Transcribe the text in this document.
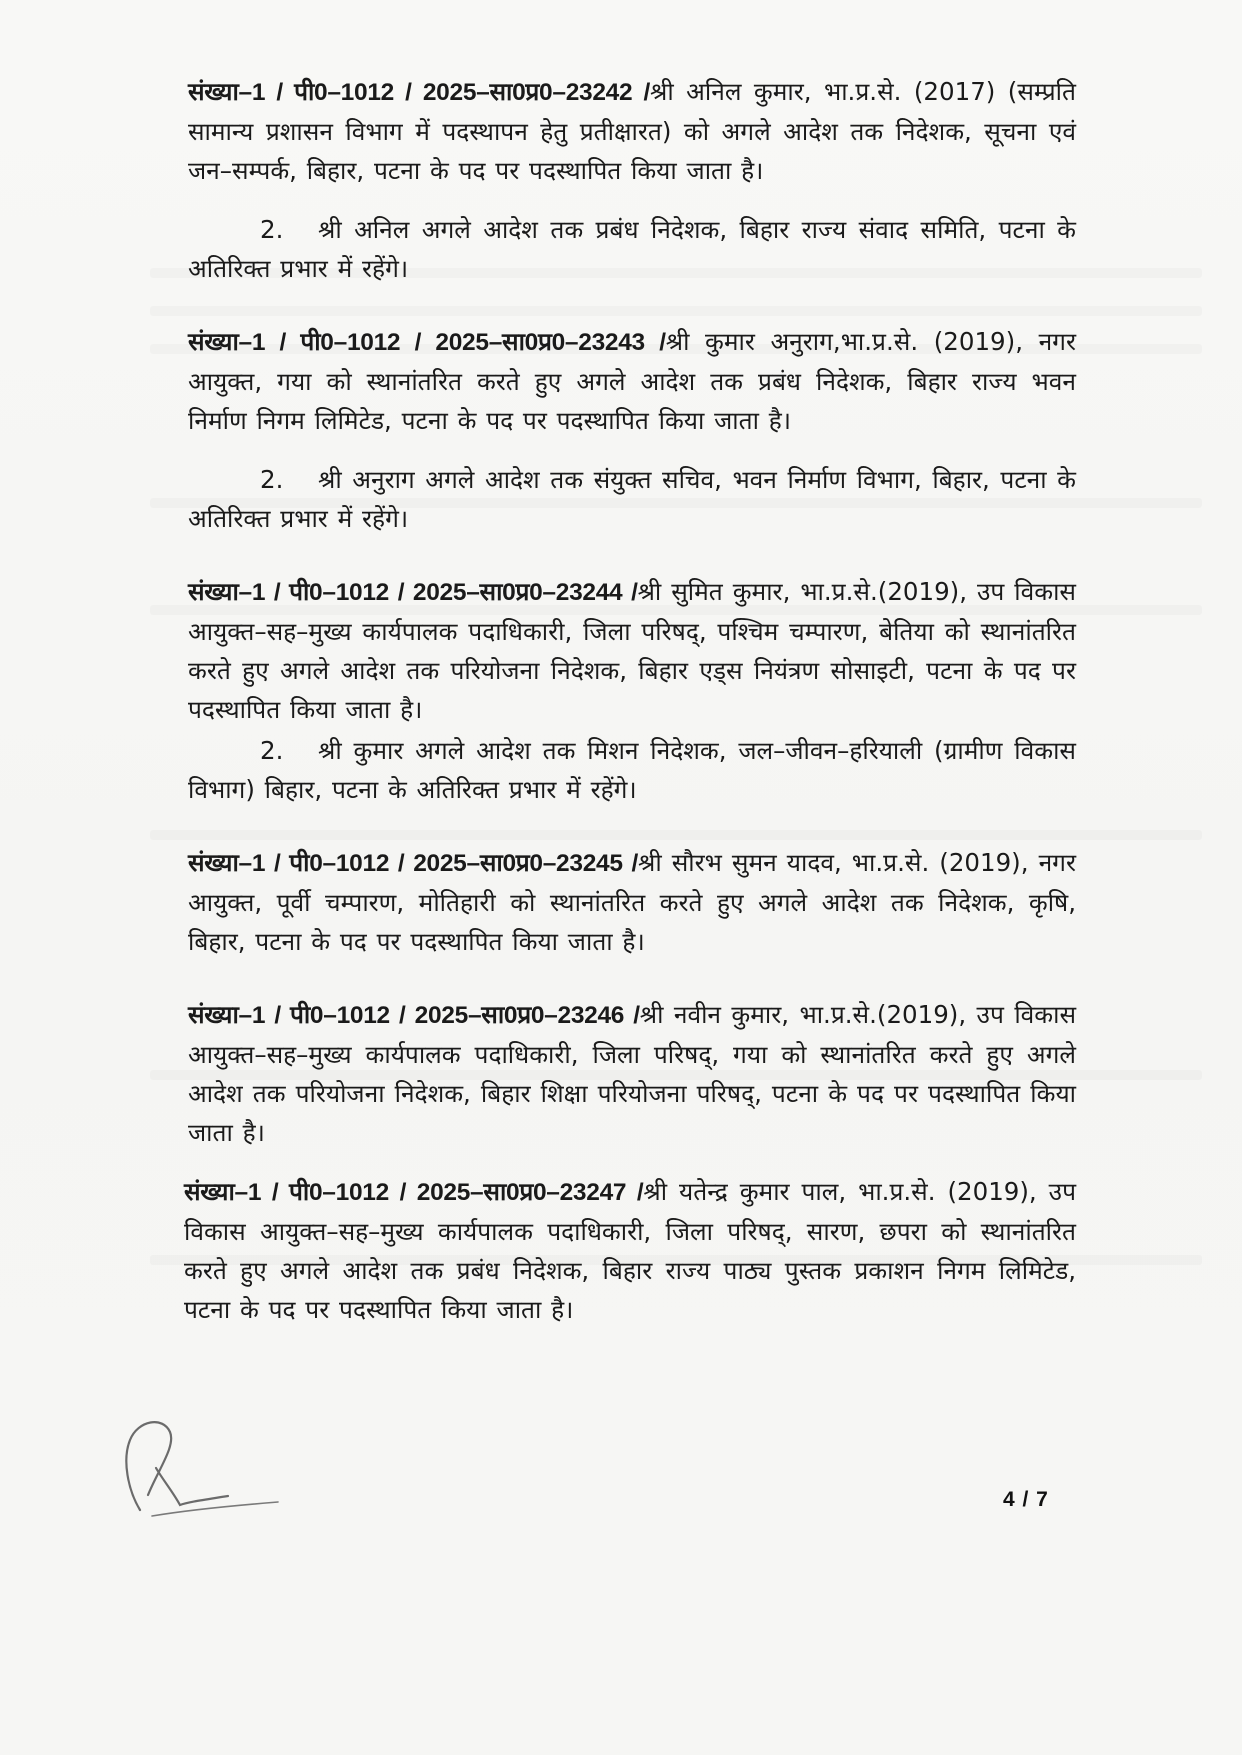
संख्या–1 / पी0–1012 / 2025–सा0प्र0–23242 /श्री अनिल कुमार, भा.प्र.से. (2017) (सम्प्रति सामान्य प्रशासन विभाग में पदस्थापन हेतु प्रतीक्षारत) को अगले आदेश तक निदेशक, सूचना एवं जन–सम्पर्क, बिहार, पटना के पद पर पदस्थापित किया जाता है।

2. श्री अनिल अगले आदेश तक प्रबंध निदेशक, बिहार राज्य संवाद समिति, पटना के अतिरिक्त प्रभार में रहेंगे।

संख्या–1 / पी0–1012 / 2025–सा0प्र0–23243 /श्री कुमार अनुराग,भा.प्र.से. (2019), नगर आयुक्त, गया को स्थानांतरित करते हुए अगले आदेश तक प्रबंध निदेशक, बिहार राज्य भवन निर्माण निगम लिमिटेड, पटना के पद पर पदस्थापित किया जाता है।

2. श्री अनुराग अगले आदेश तक संयुक्त सचिव, भवन निर्माण विभाग, बिहार, पटना के अतिरिक्त प्रभार में रहेंगे।

संख्या–1 / पी0–1012 / 2025–सा0प्र0–23244 /श्री सुमित कुमार, भा.प्र.से.(2019), उप विकास आयुक्त–सह–मुख्य कार्यपालक पदाधिकारी, जिला परिषद्, पश्चिम चम्पारण, बेतिया को स्थानांतरित करते हुए अगले आदेश तक परियोजना निदेशक, बिहार एड्स नियंत्रण सोसाइटी, पटना के पद पर पदस्थापित किया जाता है।

2. श्री कुमार अगले आदेश तक मिशन निदेशक, जल–जीवन–हरियाली (ग्रामीण विकास विभाग) बिहार, पटना के अतिरिक्त प्रभार में रहेंगे।

संख्या–1 / पी0–1012 / 2025–सा0प्र0–23245 /श्री सौरभ सुमन यादव, भा.प्र.से. (2019), नगर आयुक्त, पूर्वी चम्पारण, मोतिहारी को स्थानांतरित करते हुए अगले आदेश तक निदेशक, कृषि, बिहार, पटना के पद पर पदस्थापित किया जाता है।

संख्या–1 / पी0–1012 / 2025–सा0प्र0–23246 /श्री नवीन कुमार, भा.प्र.से.(2019), उप विकास आयुक्त–सह–मुख्य कार्यपालक पदाधिकारी, जिला परिषद्, गया को स्थानांतरित करते हुए अगले आदेश तक परियोजना निदेशक, बिहार शिक्षा परियोजना परिषद्, पटना के पद पर पदस्थापित किया जाता है।

संख्या–1 / पी0–1012 / 2025–सा0प्र0–23247 /श्री यतेन्द्र कुमार पाल, भा.प्र.से. (2019), उप विकास आयुक्त–सह–मुख्य कार्यपालक पदाधिकारी, जिला परिषद्, सारण, छपरा को स्थानांतरित करते हुए अगले आदेश तक प्रबंध निदेशक, बिहार राज्य पाठ्य पुस्तक प्रकाशन निगम लिमिटेड, पटना के पद पर पदस्थापित किया जाता है।

4 / 7
